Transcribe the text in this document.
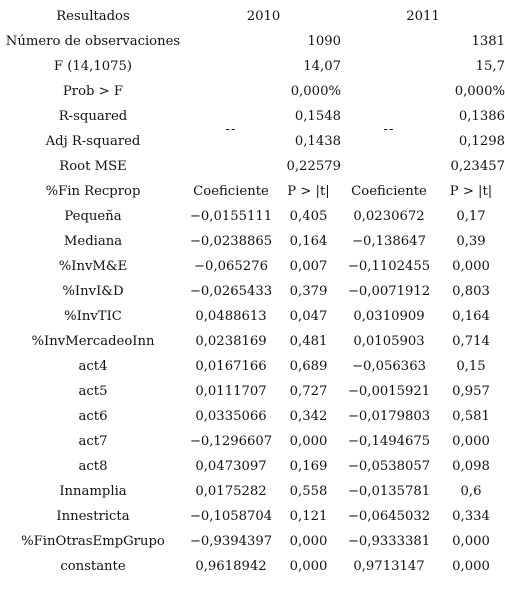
Resultados	2010		2011	
Número de observaciones		1090		1381
F (14,1075)		14,07		15,7
Prob > F	--	0,000%	--	0,000%
R-squared		0,1548		0,1386
Adj R-squared		0,1438		0,1298
Root MSE		0,22579		0,23457
%Fin Recprop	Coeficiente	P > |t|	Coeficiente	P > |t|
Pequeña	−0,0155111	0,405	0,0230672	0,17
Mediana	−0,0238865	0,164	−0,138647	0,39
%InvM&E	−0,065276	0,007	−0,1102455	0,000
%InvI&D	−0,0265433	0,379	−0,0071912	0,803
%InvTIC	0,0488613	0,047	0,0310909	0,164
%InvMercadeoInn	0,0238169	0,481	0,0105903	0,714
act4	0,0167166	0,689	−0,056363	0,15
act5	0,0111707	0,727	−0,0015921	0,957
act6	0,0335066	0,342	−0,0179803	0,581
act7	−0,1296607	0,000	−0,1494675	0,000
act8	0,0473097	0,169	−0,0538057	0,098
Innamplia	0,0175282	0,558	−0,0135781	0,6
Innestricta	−0,1058704	0,121	−0,0645032	0,334
%FinOtrasEmpGrupo	−0,9394397	0,000	−0,9333381	0,000
constante	0,9618942	0,000	0,9713147	0,000
